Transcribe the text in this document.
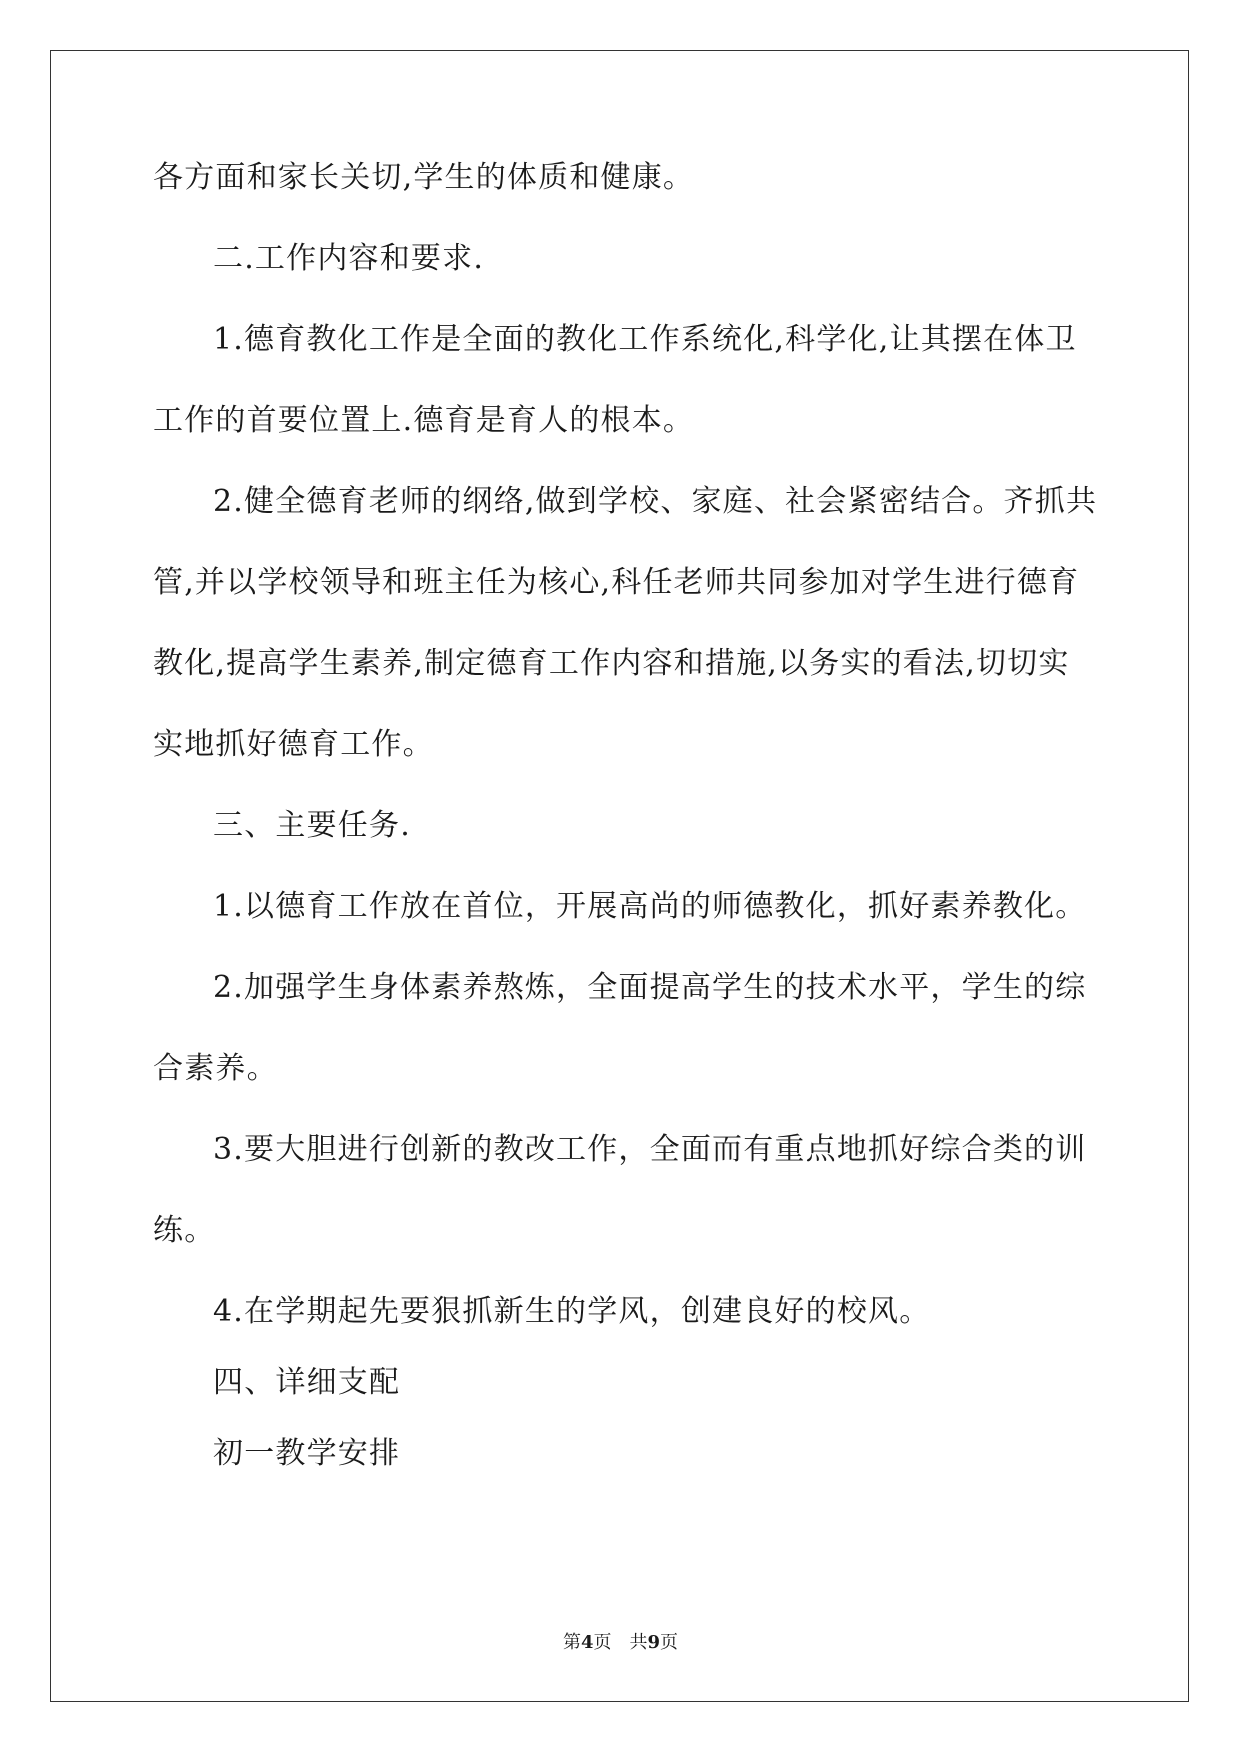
各方面和家长关切,学生的体质和健康。
二.工作内容和要求.
1.德育教化工作是全面的教化工作系统化,科学化,让其摆在体卫
工作的首要位置上.德育是育人的根本。
2.健全德育老师的纲络,做到学校、家庭、社会紧密结合。齐抓共
管,并以学校领导和班主任为核心,科任老师共同参加对学生进行德育
教化,提高学生素养,制定德育工作内容和措施,以务实的看法,切切实
实地抓好德育工作。
三、主要任务.
1.以德育工作放在首位，开展高尚的师德教化，抓好素养教化。
2.加强学生身体素养熬炼，全面提高学生的技术水平，学生的综
合素养。
3.要大胆进行创新的教改工作，全面而有重点地抓好综合类的训
练。
4.在学期起先要狠抓新生的学风，创建良好的校风。
四、详细支配
初一教学安排
第4页　共9页
